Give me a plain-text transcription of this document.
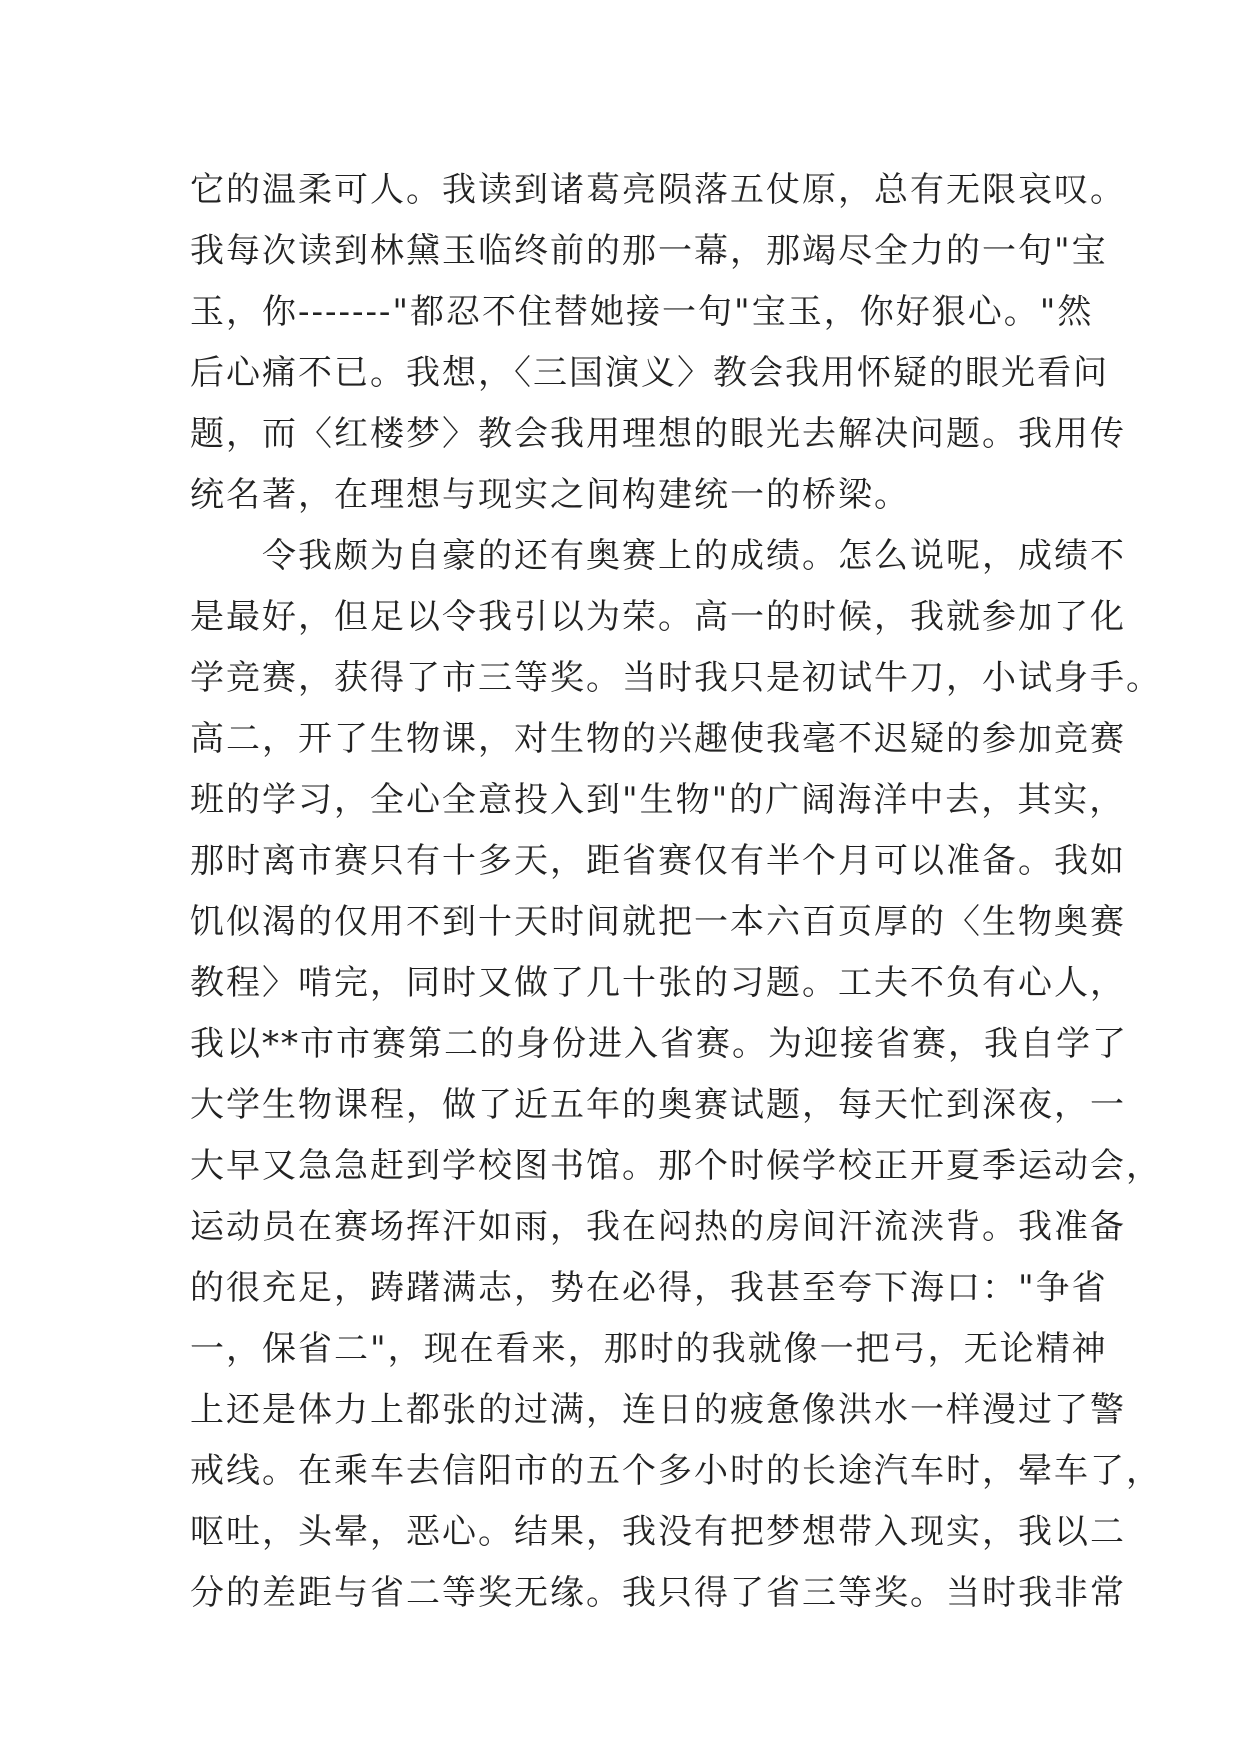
它的温柔可人。我读到诸葛亮陨落五仗原，总有无限哀叹。
我每次读到林黛玉临终前的那一幕，那竭尽全力的一句"宝
玉，你-------"都忍不住替她接一句"宝玉，你好狠心。"然
后心痛不已。我想，〈三国演义〉教会我用怀疑的眼光看问
题，而〈红楼梦〉教会我用理想的眼光去解决问题。我用传
统名著，在理想与现实之间构建统一的桥梁。
　　令我颇为自豪的还有奥赛上的成绩。怎么说呢，成绩不
是最好，但足以令我引以为荣。高一的时候，我就参加了化
学竞赛，获得了市三等奖。当时我只是初试牛刀，小试身手。
高二，开了生物课，对生物的兴趣使我毫不迟疑的参加竞赛
班的学习，全心全意投入到"生物"的广阔海洋中去，其实，
那时离市赛只有十多天，距省赛仅有半个月可以准备。我如
饥似渴的仅用不到十天时间就把一本六百页厚的〈生物奥赛
教程〉啃完，同时又做了几十张的习题。工夫不负有心人，
我以**市市赛第二的身份进入省赛。为迎接省赛，我自学了
大学生物课程，做了近五年的奥赛试题，每天忙到深夜，一
大早又急急赶到学校图书馆。那个时候学校正开夏季运动会，
运动员在赛场挥汗如雨，我在闷热的房间汗流浃背。我准备
的很充足，踌躇满志，势在必得，我甚至夸下海口："争省
一，保省二"，现在看来，那时的我就像一把弓，无论精神
上还是体力上都张的过满，连日的疲惫像洪水一样漫过了警
戒线。在乘车去信阳市的五个多小时的长途汽车时，晕车了，
呕吐，头晕，恶心。结果，我没有把梦想带入现实，我以二
分的差距与省二等奖无缘。我只得了省三等奖。当时我非常
